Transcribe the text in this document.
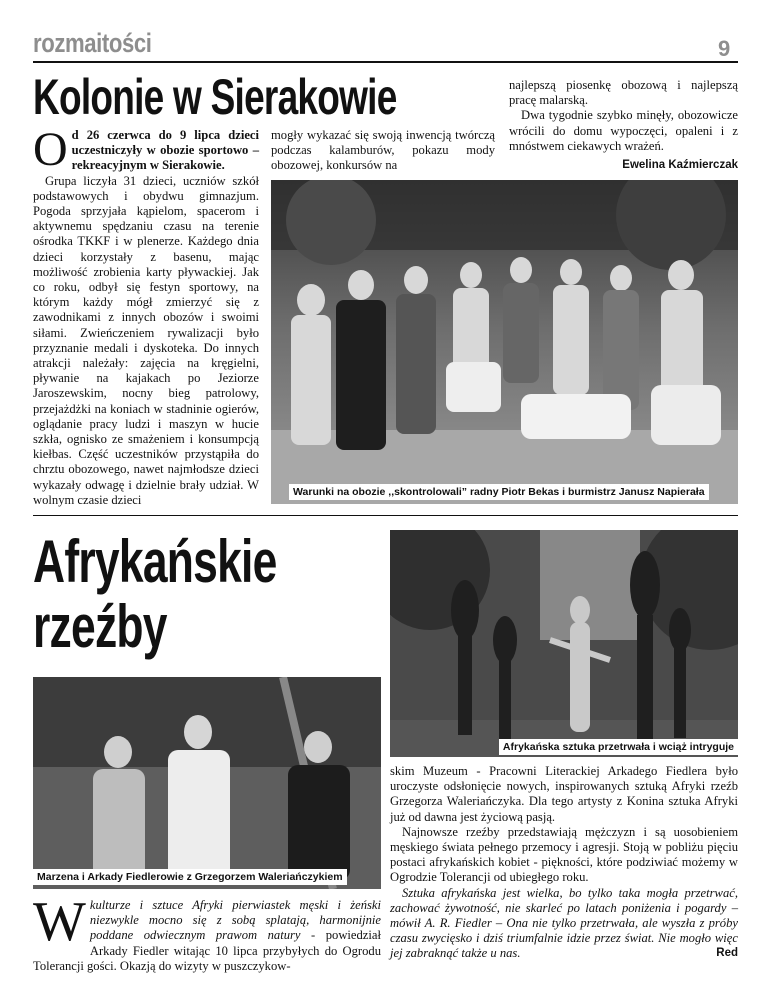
rozmaitości	9
Kolonie w Sierakowie
O d 26 czerwca do 9 lipca dzieci uczestniczyły w obozie sportowo – rekreacyjnym w Sierakowie.

Grupa liczyła 31 dzieci, uczniów szkół podstawowych i obydwu gimnazjum. Pogoda sprzyjała kąpielom, spacerom i aktywnemu spędzaniu czasu na terenie ośrodka TKKF i w plenerze. Każdego dnia dzieci korzystały z basenu, mając możliwość zrobienia karty pływackiej. Jak co roku, odbył się festyn sportowy, na którym każdy mógł zmierzyć się z zawodnikami z innych obozów i swoimi siłami. Zwieńczeniem rywalizacji było przyznanie medali i dyskoteka. Do innych atrakcji należały: zajęcia na kręgielni, pływanie na kajakach po Jeziorze Jaroszewskim, nocny bieg patrolowy, przejażdżki na koniach w stadninie ogierów, oglądanie pracy ludzi i maszyn w hucie szkła, ognisko ze smażeniem i konsumpcją kiełbas. Część uczestników przystąpiła do chrztu obozowego, nawet najmłodsze dzieci wykazały odwagę i dzielnie brały udział. W wolnym czasie dzieci

mogły wykazać się swoją inwencją twórczą podczas kalamburów, pokazu mody obozowej, konkursów na

najlepszą piosenkę obozową i najlepszą pracę malarską.

Dwa tygodnie szybko minęły, obozowicze wrócili do domu wypoczęci, opaleni i z mnóstwem ciekawych wrażeń.

Ewelina Kaźmierczak
Warunki na obozie ,,skontrolowali” radny Piotr Bekas i burmistrz Janusz Napierała
Afrykańskie
rzeźby
Marzena i Arkady Fiedlerowie z Grzegorzem Waleriańczykiem
Afrykańska sztuka przetrwała i wciąż intryguje
W kulturze i sztuce Afryki pierwiastek męski i żeński niezwykle mocno się z sobą splatają, harmonijnie poddane odwiecznym prawom natury - powiedział Arkady Fiedler witając 10 lipca przybyłych do Ogrodu Tolerancji gości. Okazją do wizyty w puszczykow-

skim Muzeum - Pracowni Literackiej Arkadego Fiedlera było uroczyste odsłonięcie nowych, inspirowanych sztuką Afryki rzeźb Grzegorza Waleriańczyka. Dla tego artysty z Konina sztuka Afryki już od dawna jest życiową pasją.

Najnowsze rzeźby przedstawiają mężczyzn i są uosobieniem męskiego świata pełnego przemocy i agresji. Stoją w pobliżu pięciu postaci afrykańskich kobiet - piękności, które podziwiać możemy w Ogrodzie Tolerancji od ubiegłego roku.

Sztuka afrykańska jest wielka, bo tylko taka mogła przetrwać, zachować żywotność, nie skarleć po latach poniżenia i pogardy – mówił A. R. Fiedler – Ona nie tylko przetrwała, ale wyszła z próby czasu zwycięsko i dziś triumfalnie idzie przez świat. Nie mogło więc jej zabraknąć także u nas.	Red
